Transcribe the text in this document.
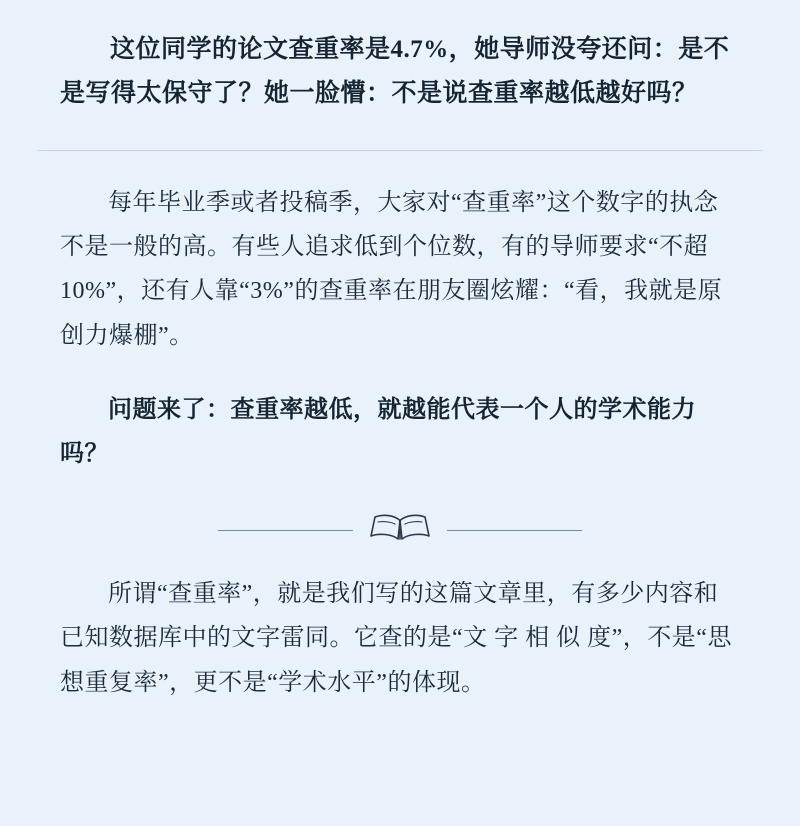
这位同学的论文查重率是4.7%，她导师没夸还问：是不是写得太保守了？她一脸懵：不是说查重率越低越好吗？

每年毕业季或者投稿季，大家对“查重率”这个数字的执念不是一般的高。有些人追求低到个位数，有的导师要求“不超10%”，还有人靠“3%”的查重率在朋友圈炫耀：“看，我就是原创力爆棚”。

问题来了：查重率越低，就越能代表一个人的学术能力吗？

所谓“查重率”，就是我们写的这篇文章里，有多少内容和已知数据库中的文字雷同。它查的是“文 字 相 似 度”，不是“思想重复率”，更不是“学术水平”的体现。
